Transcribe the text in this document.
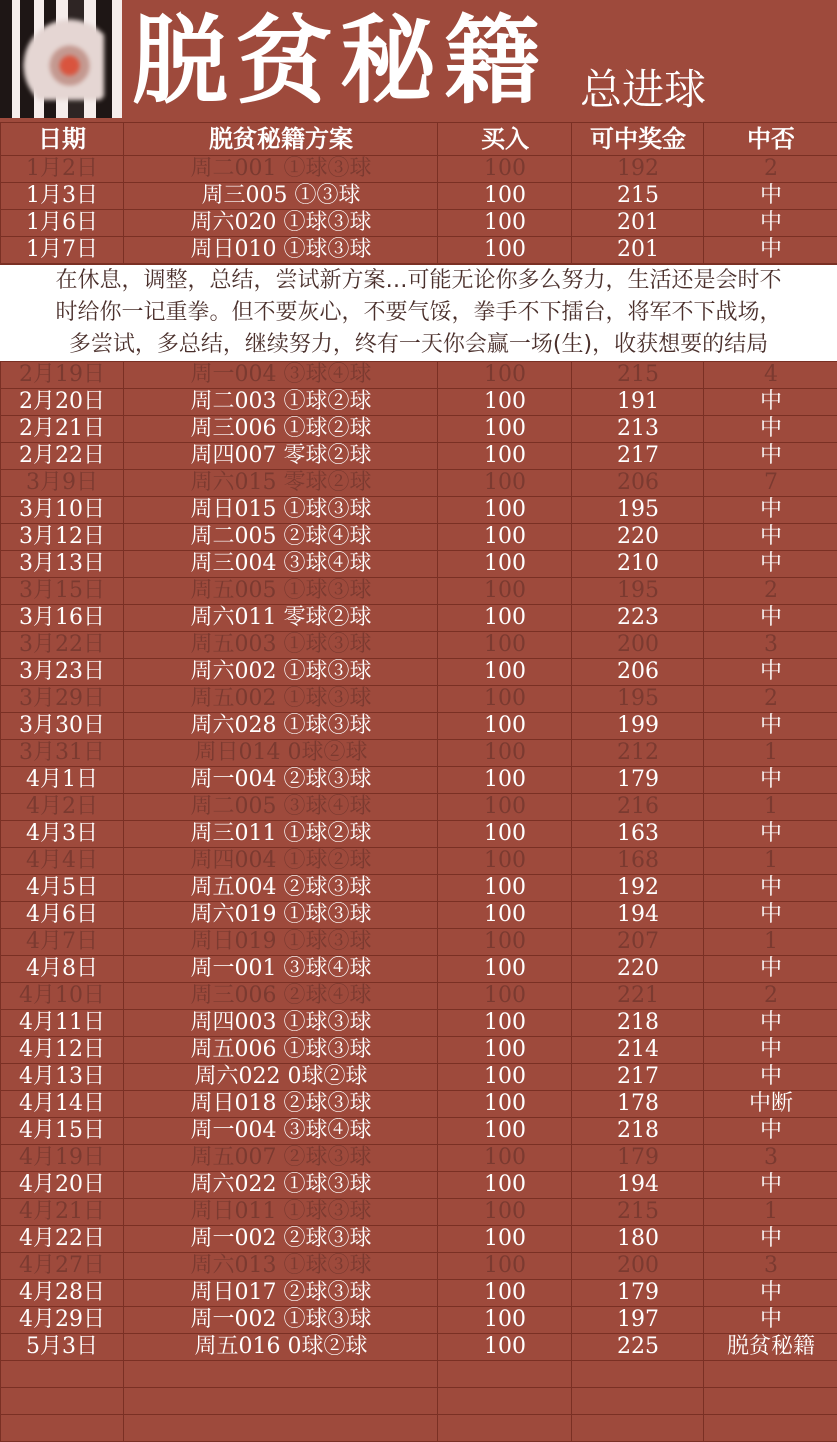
脱贫秘籍 总进球
日期	脱贫秘籍方案	买入	可中奖金	中否
1月2日	周二001 ①球③球	100	192	2
1月3日	周三005 ①③球	100	215	中
1月6日	周六020 ①球③球	100	201	中
1月7日	周日010 ①球③球	100	201	中

在休息，调整，总结，尝试新方案…可能无论你多么努力，生活还是会时不

时给你一记重拳。但不要灰心，不要气馁，拳手不下擂台，将军不下战场，

多尝试，多总结，继续努力，终有一天你会赢一场(生)，收获想要的结局

2月19日	周一004 ③球④球	100	215	4
2月20日	周二003 ①球②球	100	191	中
2月21日	周三006 ①球②球	100	213	中
2月22日	周四007 零球②球	100	217	中
3月9日	周六015 零球②球	100	206	7
3月10日	周日015 ①球③球	100	195	中
3月12日	周二005 ②球④球	100	220	中
3月13日	周三004 ③球④球	100	210	中
3月15日	周五005 ①球③球	100	195	2
3月16日	周六011 零球②球	100	223	中
3月22日	周五003 ①球③球	100	200	3
3月23日	周六002 ①球③球	100	206	中
3月29日	周五002 ①球③球	100	195	2
3月30日	周六028 ①球③球	100	199	中
3月31日	周日014 0球②球	100	212	1
4月1日	周一004 ②球③球	100	179	中
4月2日	周二005 ③球④球	100	216	1
4月3日	周三011 ①球②球	100	163	中
4月4日	周四004 ①球②球	100	168	1
4月5日	周五004 ②球③球	100	192	中
4月6日	周六019 ①球③球	100	194	中
4月7日	周日019 ①球③球	100	207	1
4月8日	周一001 ③球④球	100	220	中
4月10日	周三006 ②球④球	100	221	2
4月11日	周四003 ①球③球	100	218	中
4月12日	周五006 ①球③球	100	214	中
4月13日	周六022 0球②球	100	217	中
4月14日	周日018 ②球③球	100	178	中断
4月15日	周一004 ③球④球	100	218	中
4月19日	周五007 ②球③球	100	179	3
4月20日	周六022 ①球③球	100	194	中
4月21日	周日011 ①球③球	100	215	1
4月22日	周一002 ②球③球	100	180	中
4月27日	周六013 ①球③球	100	200	3
4月28日	周日017 ②球③球	100	179	中
4月29日	周一002 ①球③球	100	197	中
5月3日	周五016 0球②球	100	225	脱贫秘籍
